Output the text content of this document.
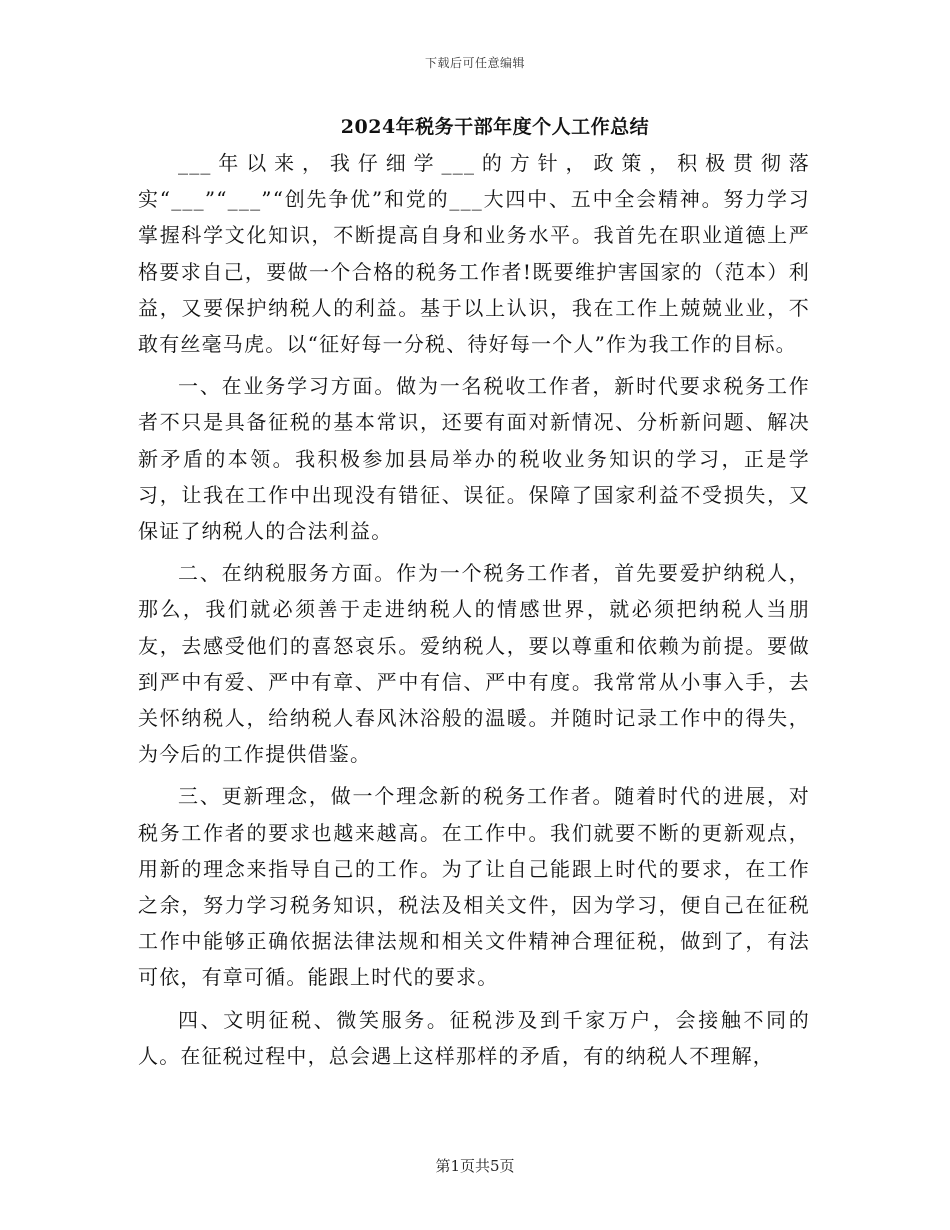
下载后可任意编辑
2024年税务干部年度个人工作总结

___年以来，我仔细学___的方针，政策，积极贯彻落实“___”“___”“创先争优”和党的___大四中、五中全会精神。努力学习掌握科学文化知识，不断提高自身和业务水平。我首先在职业道德上严格要求自己，要做一个合格的税务工作者!既要维护害国家的（范本）利益，又要保护纳税人的利益。基于以上认识，我在工作上兢兢业业，不敢有丝毫马虎。以“征好每一分税、待好每一个人”作为我工作的目标。

一、在业务学习方面。做为一名税收工作者，新时代要求税务工作者不只是具备征税的基本常识，还要有面对新情况、分析新问题、解决新矛盾的本领。我积极参加县局举办的税收业务知识的学习，正是学习，让我在工作中出现没有错征、误征。保障了国家利益不受损失，又保证了纳税人的合法利益。

二、在纳税服务方面。作为一个税务工作者，首先要爱护纳税人，那么，我们就必须善于走进纳税人的情感世界，就必须把纳税人当朋友，去感受他们的喜怒哀乐。爱纳税人，要以尊重和依赖为前提。要做到严中有爱、严中有章、严中有信、严中有度。我常常从小事入手，去关怀纳税人，给纳税人春风沐浴般的温暖。并随时记录工作中的得失，为今后的工作提供借鉴。

三、更新理念，做一个理念新的税务工作者。随着时代的进展，对税务工作者的要求也越来越高。在工作中。我们就要不断的更新观点，用新的理念来指导自己的工作。为了让自己能跟上时代的要求，在工作之余，努力学习税务知识，税法及相关文件，因为学习，便自己在征税工作中能够正确依据法律法规和相关文件精神合理征税，做到了，有法可依，有章可循。能跟上时代的要求。

四、文明征税、微笑服务。征税涉及到千家万户，会接触不同的人。在征税过程中，总会遇上这样那样的矛盾，有的纳税人不理解，

第1页共5页
